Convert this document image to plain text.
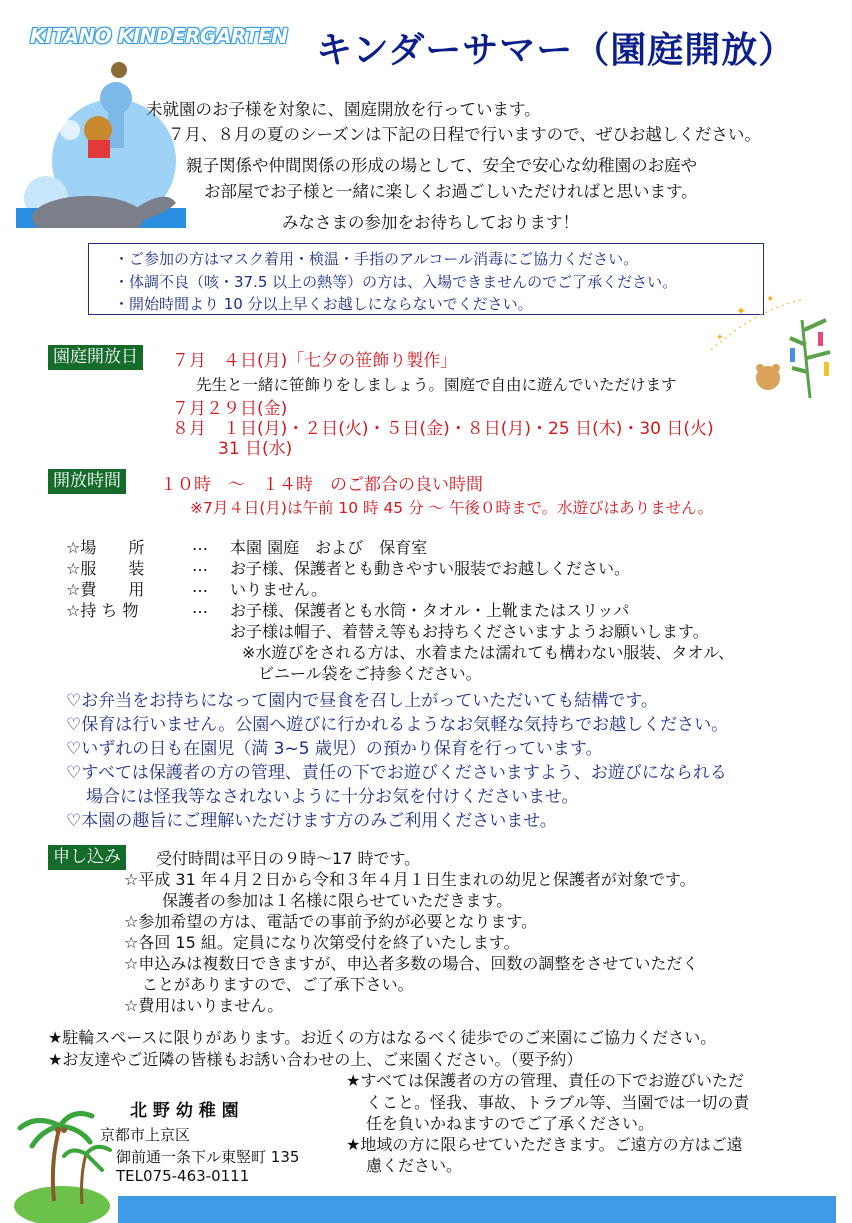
KITANO KINDERGARTEN キンダーサマー（園庭開放）
未就園のお子様を対象に、園庭開放を行っています。
７月、８月の夏のシーズンは下記の日程で行いますので、ぜひお越しください。
親子関係や仲間関係の形成の場として、安全で安心な幼稚園のお庭や
お部屋でお子様と一緒に楽しくお過ごしいただければと思います。
みなさまの参加をお待ちしております！
・ご参加の方はマスク着用・検温・手指のアルコール消毒にご協力ください。
・体調不良（咳・37.5 以上の熱等）の方は、入場できませんのでご了承ください。
・開始時間より 10 分以上早くお越しにならないでください。	✦
✦
✦
園庭開放日 ７月　４日(月)「七夕の笹飾り製作」
先生と一緒に笹飾りをしましょう。園庭で自由に遊んでいただけます
７月２９日(金)
８月　１日(月)・２日(火)・５日(金)・８日(月)・25 日(木)・30 日(火)
31 日(水)
開放時間 １０時　～　１４時　のご都合の良い時間
※7月４日(月)は午前 10 時 45 分 ～ 午後０時まで。水遊びはありません。
☆場　　所	… 本園 園庭　および　保育室
☆服　　装	… お子様、保護者とも動きやすい服装でお越しください。
☆費　　用	… いりません。
☆持 ち 物	… お子様、保護者とも水筒・タオル・上靴またはスリッパ
お子様は帽子、着替え等もお持ちくださいますようお願いします。
※水遊びをされる方は、水着または濡れても構わない服装、タオル、
ビニール袋をご持参ください。
♡お弁当をお持ちになって園内で昼食を召し上がっていただいても結構です。
♡保育は行いません。公園へ遊びに行かれるようなお気軽な気持ちでお越しください。
♡いずれの日も在園児（満 3~5 歳児）の預かり保育を行っています。
♡すべては保護者の方の管理、責任の下でお遊びくださいますよう、お遊びになられる
場合には怪我等なされないように十分お気を付けくださいませ。
♡本園の趣旨にご理解いただけます方のみご利用くださいませ。
申し込み	受付時間は平日の９時～17 時です。
☆平成 31 年４月２日から令和３年４月１日生まれの幼児と保護者が対象です。
保護者の参加は１名様に限らせていただきます。
☆参加希望の方は、電話での事前予約が必要となります。
☆各回 15 組。定員になり次第受付を終了いたします。
☆申込みは複数日できますが、申込者多数の場合、回数の調整をさせていただく
ことがありますので、ご了承下さい。
☆費用はいりません。
★駐輪スペースに限りがあります。お近くの方はなるべく徒歩でのご来園にご協力ください。
★お友達やご近隣の皆様もお誘い合わせの上、ご来園ください。（要予約）
★すべては保護者の方の管理、責任の下でお遊びいただ
くこと。怪我、事故、トラブル等、当園では一切の責
任を負いかねますのでご了承ください。
★地域の方に限らせていただきます。ご遠方の方はご遠
慮ください。
北 野 幼 稚 園
京都市上京区
御前通一条下ル東竪町 135
TEL075-463-0111
